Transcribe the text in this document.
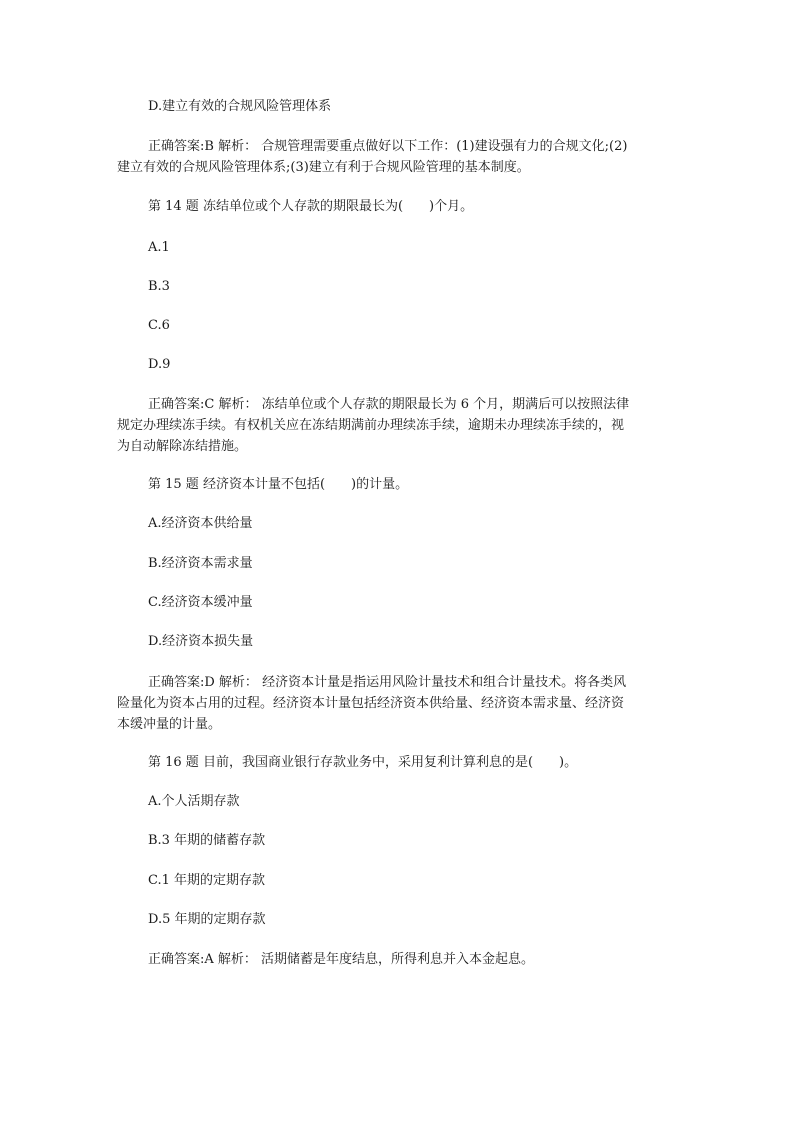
D.建立有效的合规风险管理体系
正确答案:B 解析： 合规管理需要重点做好以下工作：(1)建设强有力的合规文化;(2)
建立有效的合规风险管理体系;(3)建立有利于合规风险管理的基本制度。
第 14 题 冻结单位或个人存款的期限最长为(　　)个月。
A.1
B.3
C.6
D.9
正确答案:C 解析： 冻结单位或个人存款的期限最长为 6 个月，期满后可以按照法律
规定办理续冻手续。有权机关应在冻结期满前办理续冻手续，逾期未办理续冻手续的，视
为自动解除冻结措施。
第 15 题 经济资本计量不包括(　　)的计量。
A.经济资本供给量
B.经济资本需求量
C.经济资本缓冲量
D.经济资本损失量
正确答案:D 解析： 经济资本计量是指运用风险计量技术和组合计量技术。将各类风
险量化为资本占用的过程。经济资本计量包括经济资本供给量、经济资本需求量、经济资
本缓冲量的计量。
第 16 题 目前，我国商业银行存款业务中，采用复利计算利息的是(　　)。
A.个人活期存款
B.3 年期的储蓄存款
C.1 年期的定期存款
D.5 年期的定期存款
正确答案:A 解析： 活期储蓄是年度结息，所得利息并入本金起息。
